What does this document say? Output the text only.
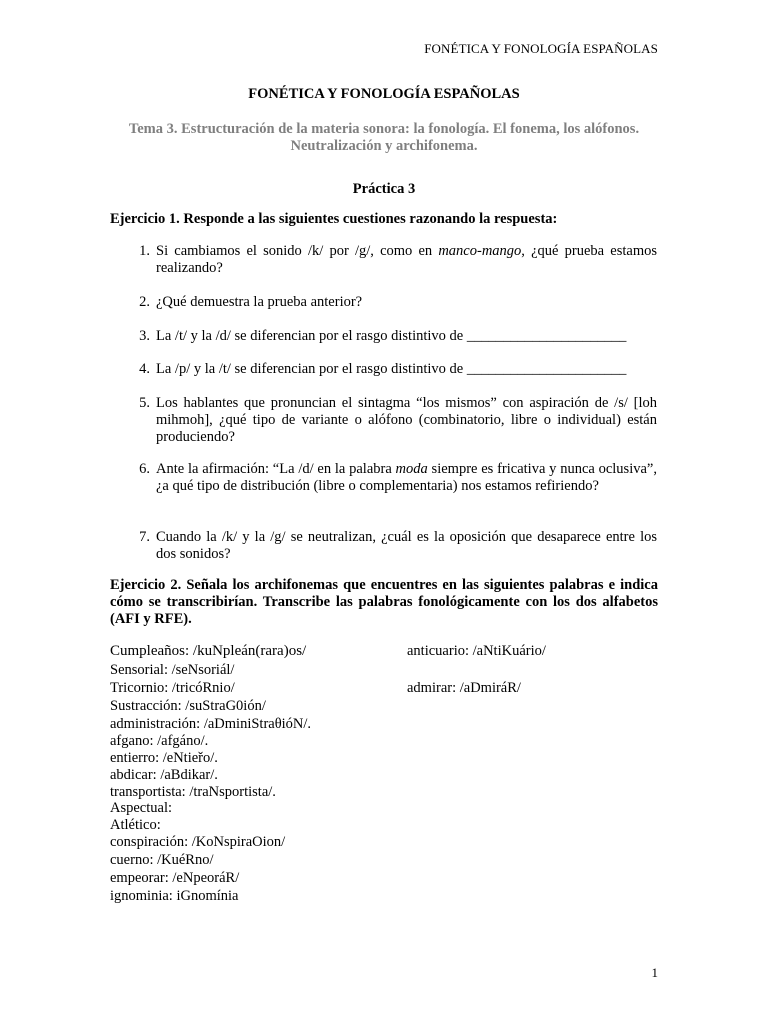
FONÉTICA Y FONOLOGÍA ESPAÑOLAS
FONÉTICA Y FONOLOGÍA ESPAÑOLAS
Tema 3. Estructuración de la materia sonora: la fonología. El fonema, los alófonos.
Neutralización y archifonema.
Práctica 3
Ejercicio 1. Responde a las siguientes cuestiones razonando la respuesta:
1. Si cambiamos el sonido /k/ por /g/, como en manco-mango, ¿qué prueba estamos realizando?
2. ¿Qué demuestra la prueba anterior?
3. La /t/ y la /d/ se diferencian por el rasgo distintivo de ______________________
4. La /p/ y la /t/ se diferencian por el rasgo distintivo de ______________________
5. Los hablantes que pronuncian el sintagma “los mismos” con aspiración de /s/ [loh mihmoh], ¿qué tipo de variante o alófono (combinatorio, libre o individual) están produciendo?
6. Ante la afirmación: “La /d/ en la palabra moda siempre es fricativa y nunca oclusiva”, ¿a qué tipo de distribución (libre o complementaria) nos estamos refiriendo?
7. Cuando la /k/ y la /g/ se neutralizan, ¿cuál es la oposición que desaparece entre los dos sonidos?
Ejercicio 2. Señala los archifonemas que encuentres en las siguientes palabras e indica cómo se transcribirían. Transcribe las palabras fonológicamente con los dos alfabetos (AFI y RFE).
Cumpleaños: /kuNpleán(rara)os/
Sensorial: /seNsoriál/
Tricornio: /tricóRnio/
Sustracción: /suStraG0ión/
administración: /aDminiStraθióN/.
afgano: /afgáno/.
entierro: /eNtieřo/.
abdicar: /aBdikar/.
transportista: /traNsportista/.
Aspectual:
Atlético:
conspiración: /KoNspiraOion/
cuerno: /KuéRno/
empeorar: /eNpeoráR/
ignominia: iGnomínia
anticuario: /aNtiKuário/
admirar: /aDmiráR/
1
